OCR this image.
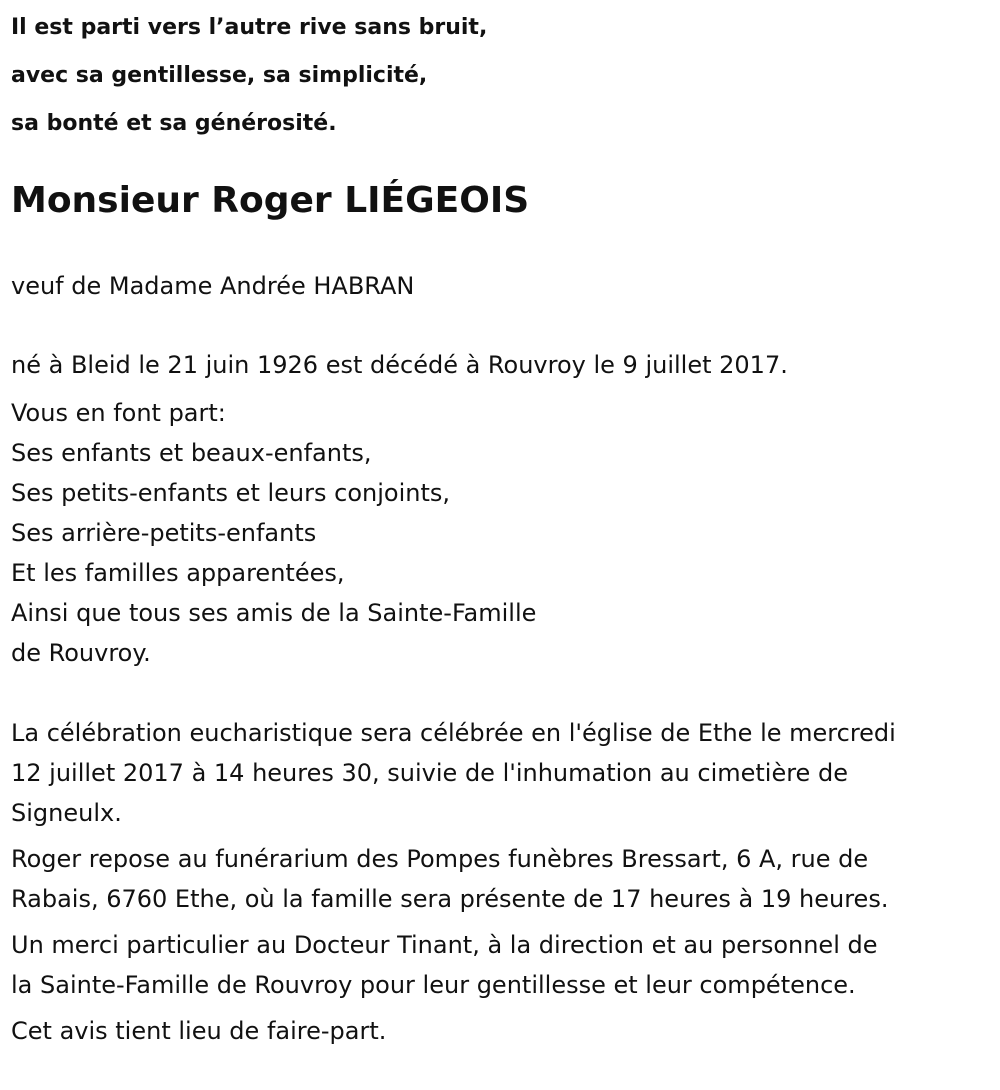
Il est parti vers l’autre rive sans bruit,

avec sa gentillesse, sa simplicité,

sa bonté et sa générosité.

Monsieur Roger LIÉGEOIS

veuf de Madame Andrée HABRAN

né à Bleid le 21 juin 1926 est décédé à Rouvroy le 9 juillet 2017.

Vous en font part:

Ses enfants et beaux-enfants,

Ses petits-enfants et leurs conjoints,

Ses arrière-petits-enfants

Et les familles apparentées,

Ainsi que tous ses amis de la Sainte-Famille

de Rouvroy.

La célébration eucharistique sera célébrée en l'église de Ethe le mercredi

12 juillet 2017 à 14 heures 30, suivie de l'inhumation au cimetière de

Signeulx.

Roger repose au funérarium des Pompes funèbres Bressart, 6 A, rue de

Rabais, 6760 Ethe, où la famille sera présente de 17 heures à 19 heures.

Un merci particulier au Docteur Tinant, à la direction et au personnel de

la Sainte-Famille de Rouvroy pour leur gentillesse et leur compétence.

Cet avis tient lieu de faire-part.
